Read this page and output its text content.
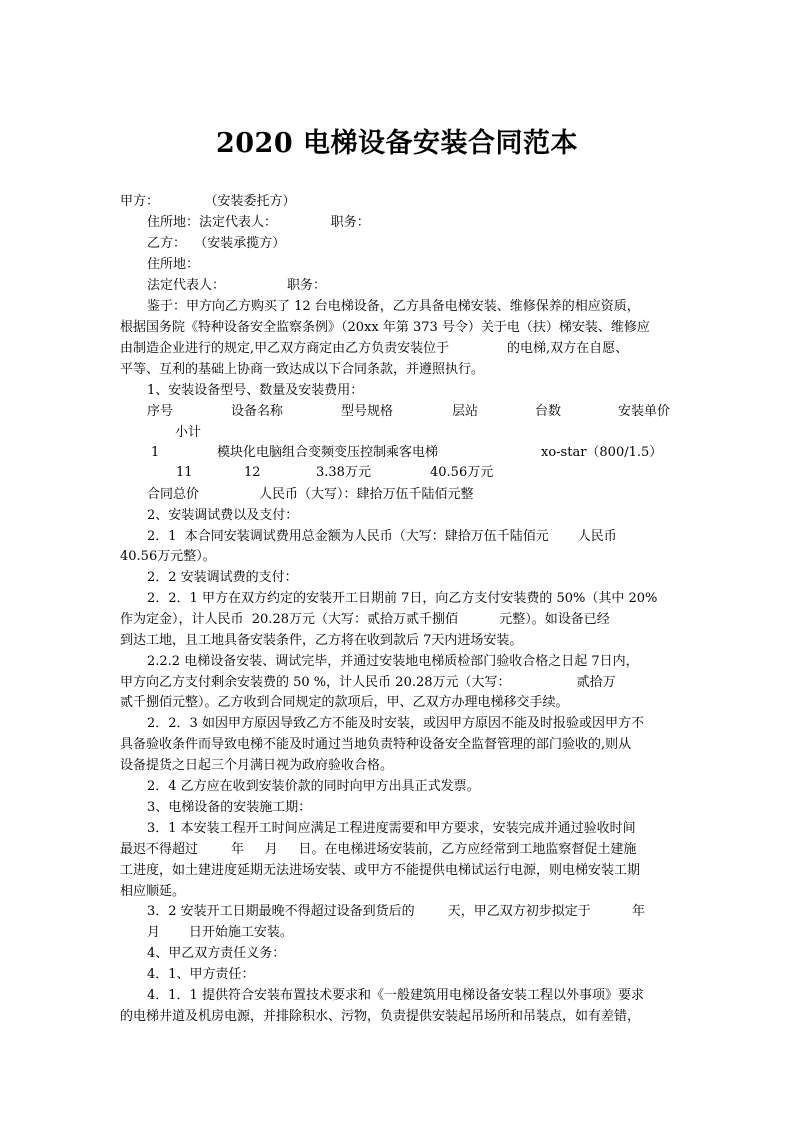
2020 电梯设备安装合同范本
甲方：           （安装委托方）
住所地：法定代表人：             职务：
乙方：  （安装承揽方）
住所地：
法定代表人：               职务：
鉴于：甲方向乙方购买了 12 台电梯设备，乙方具备电梯安装、维修保养的相应资质，
根据国务院《特种设备安全监察条例》（20xx 年第 373 号令）关于电（扶）梯安装、维修应
由制造企业进行的规定,甲乙双方商定由乙方负责安装位于              的电梯,双方在自愿、
平等、互利的基础上协商一致达成以下合同条款，并遵照执行。
1、安装设备型号、数量及安装费用：
序号	设备名称	型号规格	层站	台数	安装单价
小计
1	模块化电脑组合变频变压控制乘客电梯	xo-star（800/1.5）
11	12	3.38万元	40.56万元
合同总价	人民币（大写）：肆拾万伍千陆佰元整
2、安装调试费以及支付：
2．1  本合同安装调试费用总金额为人民币（大写：肆拾万伍千陆佰元       人民币
40.56万元整）。
2．2 安装调试费的支付：
2．2．1 甲方在双方约定的安装开工日期前 7日，向乙方支付安装费的 50%（其中 20%
作为定金），计人民币  20.28万元（大写：贰拾万贰千捌佰          元整）。如设备已经
到达工地，且工地具备安装条件，乙方将在收到款后 7天内进场安装。
2.2.2 电梯设备安装、调试完毕，并通过安装地电梯质检部门验收合格之日起 7日内，
甲方向乙方支付剩余安装费的 50 %，计人民币 20.28万元（大写：                贰拾万
贰千捌佰元整）。乙方收到合同规定的款项后，甲、乙双方办理电梯移交手续。
2．2．3 如因甲方原因导致乙方不能及时安装，或因甲方原因不能及时报验或因甲方不
具备验收条件而导致电梯不能及时通过当地负责特种设备安全监督管理的部门验收的,则从
设备提货之日起三个月满日视为政府验收合格。
2．4 乙方应在收到安装价款的同时向甲方出具正式发票。
3、电梯设备的安装施工期：
3．1 本安装工程开工时间应满足工程进度需要和甲方要求，安装完成并通过验收时间
最迟不得超过        年     月     日。在电梯进场安装前，乙方应经常到工地监察督促土建施
工进度，如土建进度延期无法进场安装、或甲方不能提供电梯试运行电源，则电梯安装工期
相应顺延。
3．2 安装开工日期最晚不得超过设备到货后的        天，甲乙双方初步拟定于          年
月       日开始施工安装。
4、甲乙双方责任义务：
4．1、甲方责任：
4．1．1 提供符合安装布置技术要求和《一般建筑用电梯设备安装工程以外事项》要求
的电梯井道及机房电源，并排除积水、污物，负责提供安装起吊场所和吊装点，如有差错，
